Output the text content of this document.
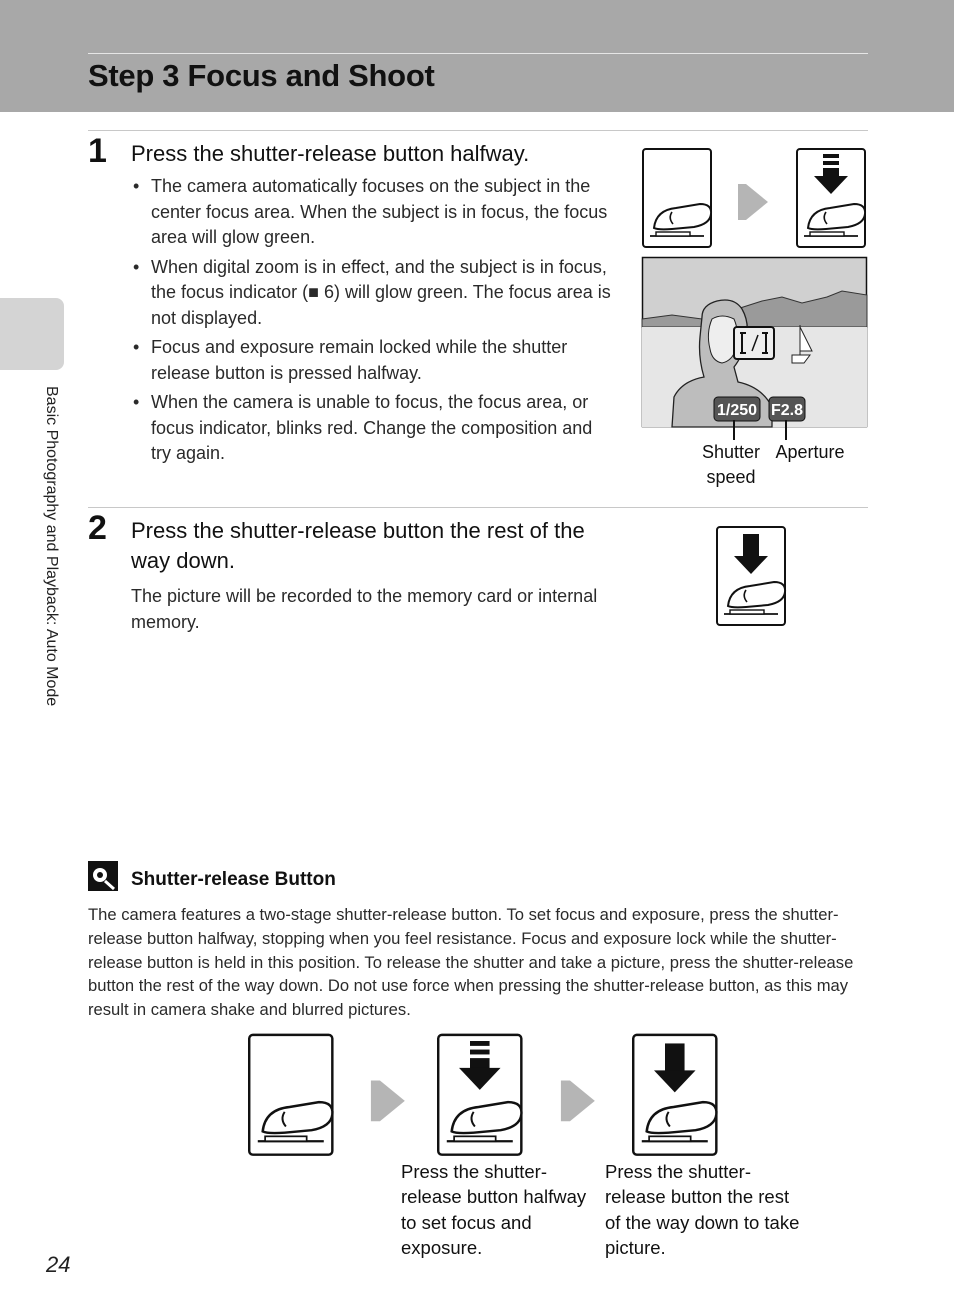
Step 3 Focus and Shoot
Basic Photography and Playback: Auto Mode
1 Press the shutter-release button halfway.
• The camera automatically focuses on the subject in the center focus area. When the subject is in focus, the focus area will glow green.
• When digital zoom is in effect, and the subject is in focus, the focus indicator (■ 6) will glow green. The focus area is not displayed.
• Focus and exposure remain locked while the shutter release button is pressed halfway.
• When the camera is unable to focus, the focus area, or focus indicator, blinks red. Change the composition and try again.
1/250 F2.8
Shutter speed
Aperture
2 Press the shutter-release button the rest of the way down.
The picture will be recorded to the memory card or internal memory.
Shutter-release Button
The camera features a two-stage shutter-release button. To set focus and exposure, press the shutter-release button halfway, stopping when you feel resistance. Focus and exposure lock while the shutter-release button is held in this position. To release the shutter and take a picture, press the shutter-release button the rest of the way down. Do not use force when pressing the shutter-release button, as this may result in camera shake and blurred pictures.
Press the shutter-release button halfway to set focus and exposure.
Press the shutter-release button the rest of the way down to take picture.
24
